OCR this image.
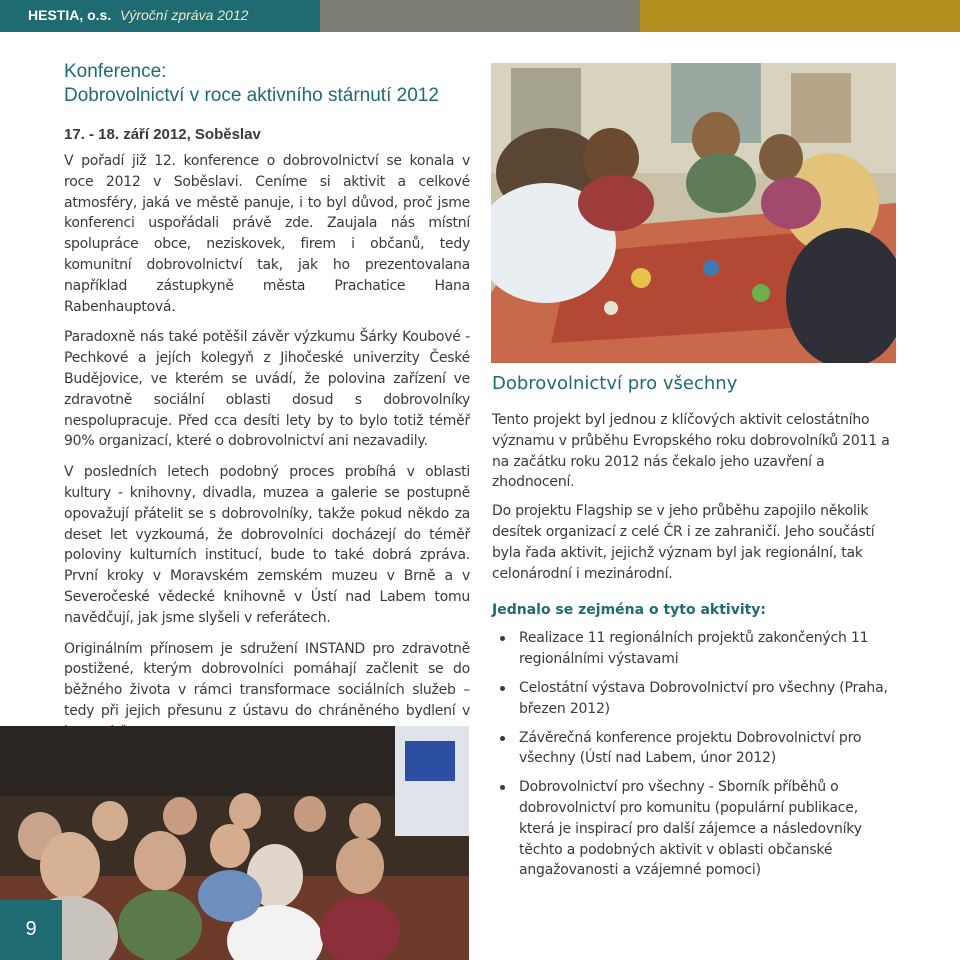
HESTIA, o.s. Výroční zpráva 2012
Konference:
Dobrovolnictví v roce aktivního stárnutí 2012
17. - 18. září 2012, Soběslav

V pořadí již 12. konference o dobrovolnictví se konala v roce 2012 v Soběslavi. Ceníme si aktivit a celkové atmosféry, jaká ve městě panuje, i to byl důvod, proč jsme konferenci uspořádali právě zde. Zaujala nás místní spolupráce obce, neziskovek, firem i občanů, tedy komunitní dobrovolnictví tak, jak ho prezentovalana například zástupkyně města Prachatice Hana Rabenhauptová.

Paradoxně nás také potěšil závěr výzkumu Šárky Koubové - Pechkové a jejích kolegyň z Jihočeské univerzity České Budějovice, ve kterém se uvádí, že polovina zařízení ve zdravotně sociální oblasti dosud s dobrovolníky nespolupracuje. Před cca desíti lety by to bylo totiž téměř 90% organizací, které o dobrovolnictví ani nezavadily.

V posledních letech podobný proces probíhá v oblasti kultury - knihovny, divadla, muzea a galerie se postupně opovažují přátelit se s dobrovolníky, takže pokud někdo za deset let vyzkoumá, že dobrovolníci docházejí do téměř poloviny kulturních institucí, bude to také dobrá zpráva. První kroky v Moravském zemském muzeu v Brně a v Severočeské vědecké knihovně v Ústí nad Labem tomu navědčují, jak jsme slyšeli v referátech.

Originálním přínosem je sdružení INSTAND pro zdravotně postižené, kterým dobrovolníci pomáhají začlenit se do běžného života v rámci transformace sociálních služeb – tedy při jejich přesunu z ústavu do chráněného bydlení v

Dobrovolnictví pro všechny

Tento projekt byl jednou z klíčových aktivit celostátního významu v průběhu Evropského roku dobrovolníků 2011 a na začátku roku 2012 nás čekalo jeho uzavření a zhodnocení.

Do projektu Flagship se v jeho průběhu zapojilo několik desítek organizací z celé ČR i ze zahraničí. Jeho součástí byla řada aktivit, jejichž význam byl jak regionální, tak celonárodní i mezinárodní.

Jednalo se zejména o tyto aktivity:
Realizace 11 regionálních projektů zakončených 11 regionálními výstavami
Celostátní výstava Dobrovolnictví pro všechny (Praha, březen 2012)
Závěrečná konference projektu Dobrovolnictví pro všechny (Ústí nad Labem, únor 2012)
Dobrovolnictví pro všechny - Sborník příběhů o dobrovolnictví pro komunitu (populární publikace, která je inspirací pro další zájemce a následovníky těchto a podobných aktivit v oblasti občanské angažovanosti a vzájemné pomoci)
9
